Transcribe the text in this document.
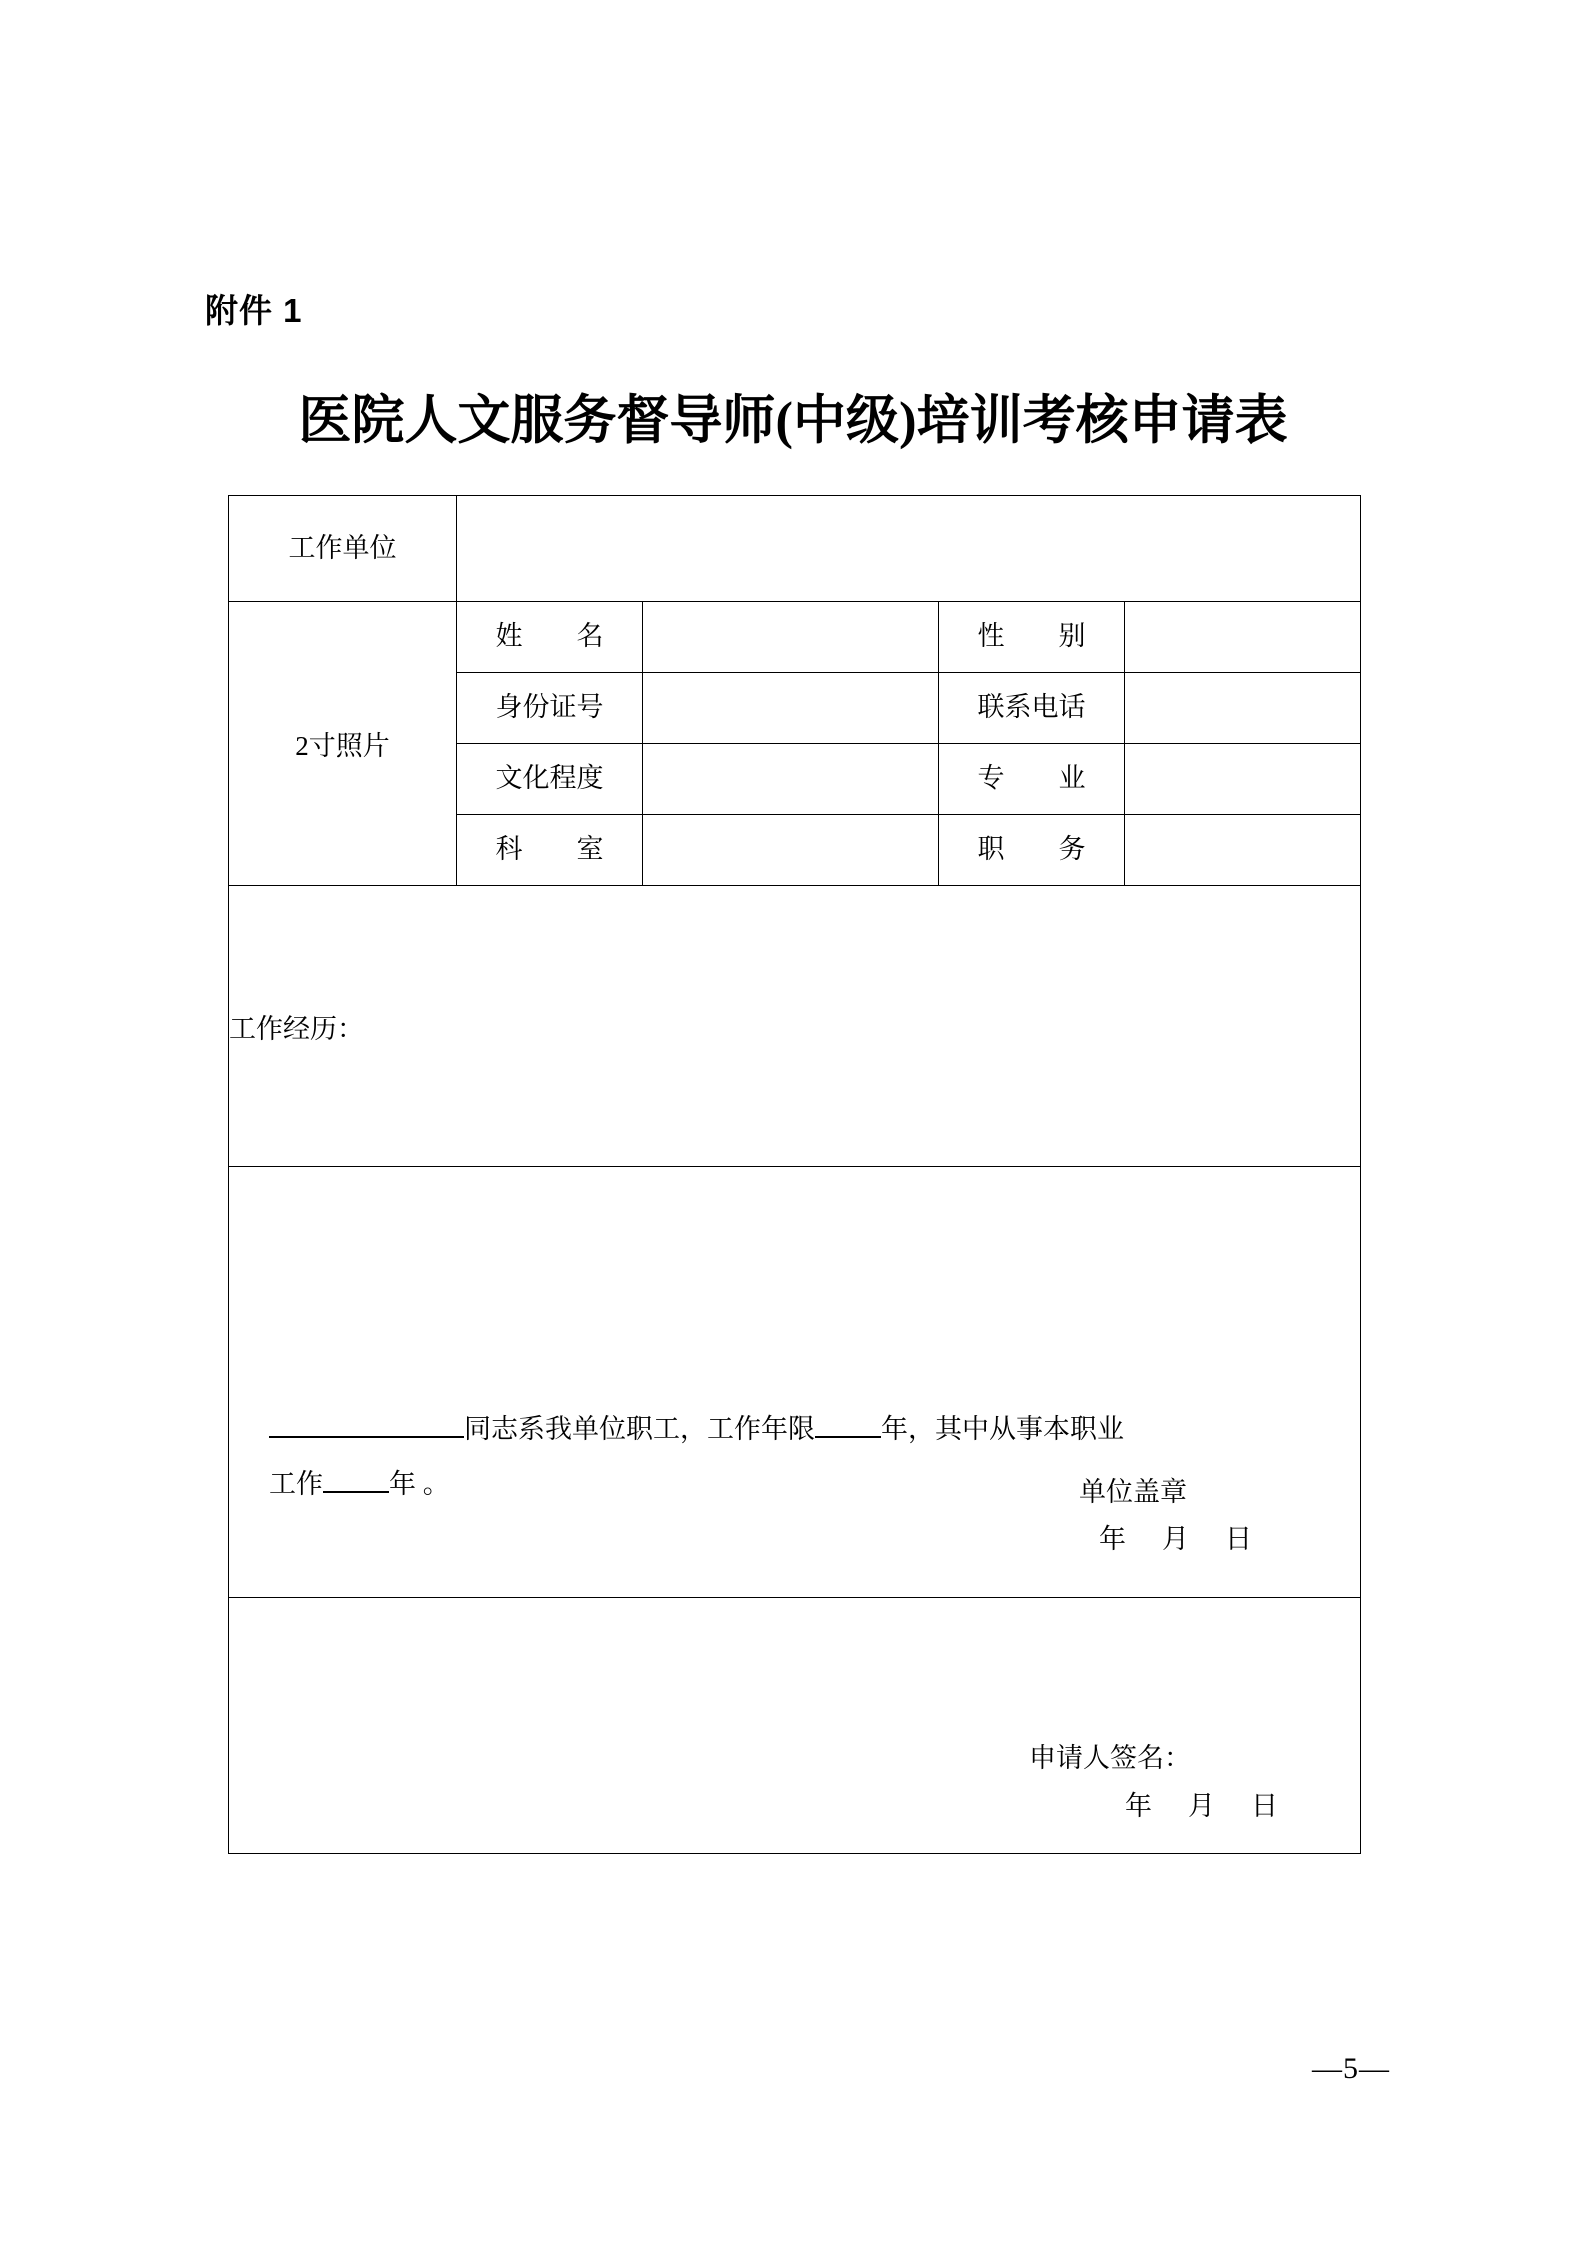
附件 1
医院人文服务督导师(中级)培训考核申请表
工作单位				
2寸照片	姓　　名		性　　别	
	身份证号		联系电话	
	文化程度		专　　业	
	科　　室		职　　务	
工作经历：				

同志系我单位职工，工作年限 年，其中从事本职业
工作 年 。 单位盖章
年 月 日				

申请人签名：
年 月 日				
—5—
